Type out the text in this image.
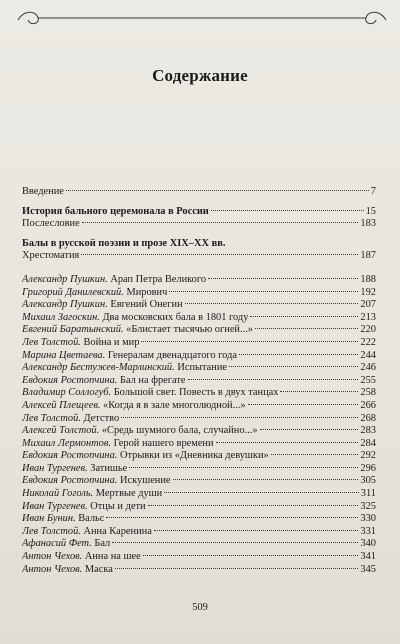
Содержание
Введение	7
История бального церемонала в России	15
Послесловие	183
Балы в русской поэзии и прозе XIX–XX вв.
Хрестоматия	187
Александр Пушкин. Арап Петра Великого	188
Григорий Данилевский. Мирович	192
Александр Пушкин. Евгений Онегин	207
Михаил Загоскин. Два московских бала в 1801 году	213
Евгений Баратынский. «Блистает тысячью огней...»	220
Лев Толстой. Война и мир	222
Марина Цветаева. Генералам двенадцатого года	244
Александр Бестужев-Марлинский. Испытание	246
Евдокия Ростопчина. Бал на фрегате	255
Владимир Соллогуб. Большой свет. Повесть в двух танцах	258
Алексей Плещеев. «Когда я в зале многолюдной...»	266
Лев Толстой. Детство	268
Алексей Толстой. «Средь шумного бала, случайно...»	283
Михаил Лермонтов. Герой нашего времени	284
Евдокия Ростопчина. Отрывки из «Дневника девушки»	292
Иван Тургенев. Затишье	296
Евдокия Ростопчина. Искушение	305
Николай Гоголь. Мертвые души	311
Иван Тургенев. Отцы и дети	325
Иван Бунин. Вальс	330
Лев Толстой. Анна Каренина	331
Афанасий Фет. Бал	340
Антон Чехов. Анна на шее	341
Антон Чехов. Маска	345
509
